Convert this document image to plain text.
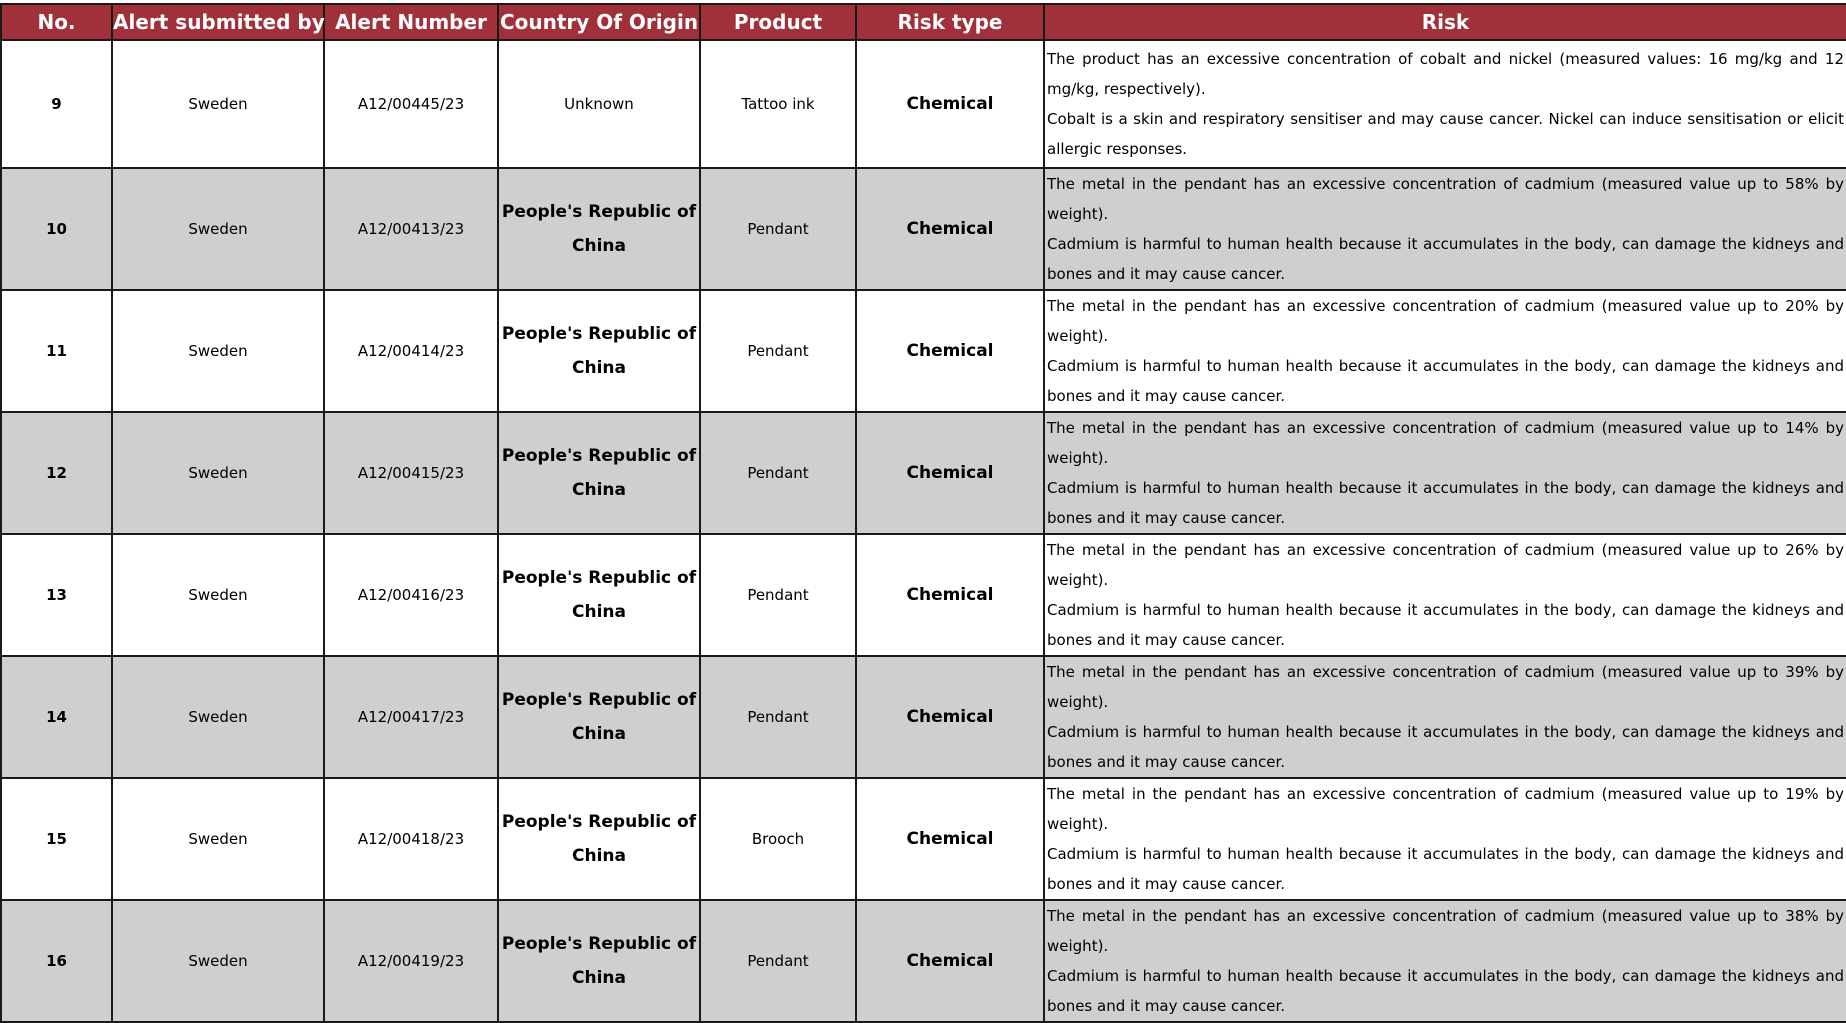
No.	Alert submitted by	Alert Number	Country Of Origin	Product	Risk type	Risk
9	Sweden	A12/00445/23	Unknown	Tattoo ink	Chemical	The product has an excessive concentration of cobalt and nickel (measured values: 16 mg/kg and 12 mg/kg, respectively).
Cobalt is a skin and respiratory sensitiser and may cause cancer. Nickel can induce sensitisation or elicit allergic responses.

10	Sweden	A12/00413/23	People's Republic of China	Pendant	Chemical	The metal in the pendant has an excessive concentration of cadmium (measured value up to 58% by weight).
Cadmium is harmful to human health because it accumulates in the body, can damage the kidneys and bones and it may cause cancer.

11	Sweden	A12/00414/23	People's Republic of China	Pendant	Chemical	The metal in the pendant has an excessive concentration of cadmium (measured value up to 20% by weight).
Cadmium is harmful to human health because it accumulates in the body, can damage the kidneys and bones and it may cause cancer.

12	Sweden	A12/00415/23	People's Republic of China	Pendant	Chemical	The metal in the pendant has an excessive concentration of cadmium (measured value up to 14% by weight).
Cadmium is harmful to human health because it accumulates in the body, can damage the kidneys and bones and it may cause cancer.

13	Sweden	A12/00416/23	People's Republic of China	Pendant	Chemical	The metal in the pendant has an excessive concentration of cadmium (measured value up to 26% by weight).
Cadmium is harmful to human health because it accumulates in the body, can damage the kidneys and bones and it may cause cancer.

14	Sweden	A12/00417/23	People's Republic of China	Pendant	Chemical	The metal in the pendant has an excessive concentration of cadmium (measured value up to 39% by weight).
Cadmium is harmful to human health because it accumulates in the body, can damage the kidneys and bones and it may cause cancer.

15	Sweden	A12/00418/23	People's Republic of China	Brooch	Chemical	The metal in the pendant has an excessive concentration of cadmium (measured value up to 19% by weight).
Cadmium is harmful to human health because it accumulates in the body, can damage the kidneys and bones and it may cause cancer.

16	Sweden	A12/00419/23	People's Republic of China	Pendant	Chemical	The metal in the pendant has an excessive concentration of cadmium (measured value up to 38% by weight).
Cadmium is harmful to human health because it accumulates in the body, can damage the kidneys and bones and it may cause cancer.
